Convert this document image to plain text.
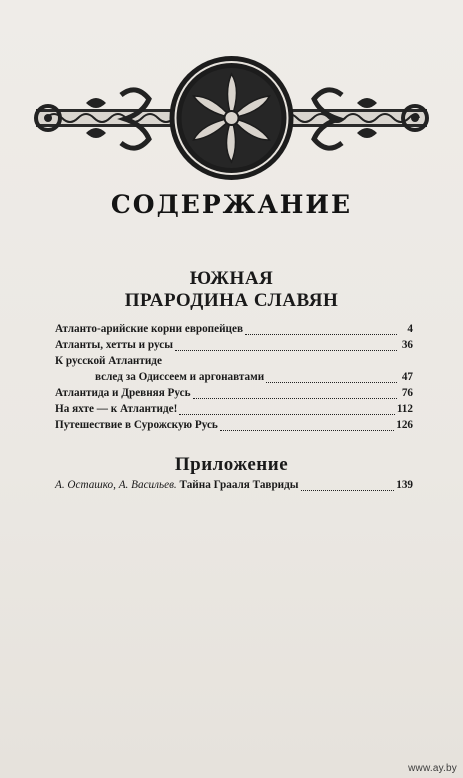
СОДЕРЖАНИЕ
ЮЖНАЯ
ПРАРОДИНА СЛАВЯН
Атланто-арийские корни европейцев	4
Атланты, хетты и русы	36
К русской Атлантиде
вслед за Одиссеем и аргонавтами	47
Атлантида и Древняя Русь	76
На яхте — к Атлантиде!	112
Путешествие в Сурожскую Русь	126
Приложение
А. Осташко, А. Васильев. Тайна Грааля Тавриды	139
www.ay.by
